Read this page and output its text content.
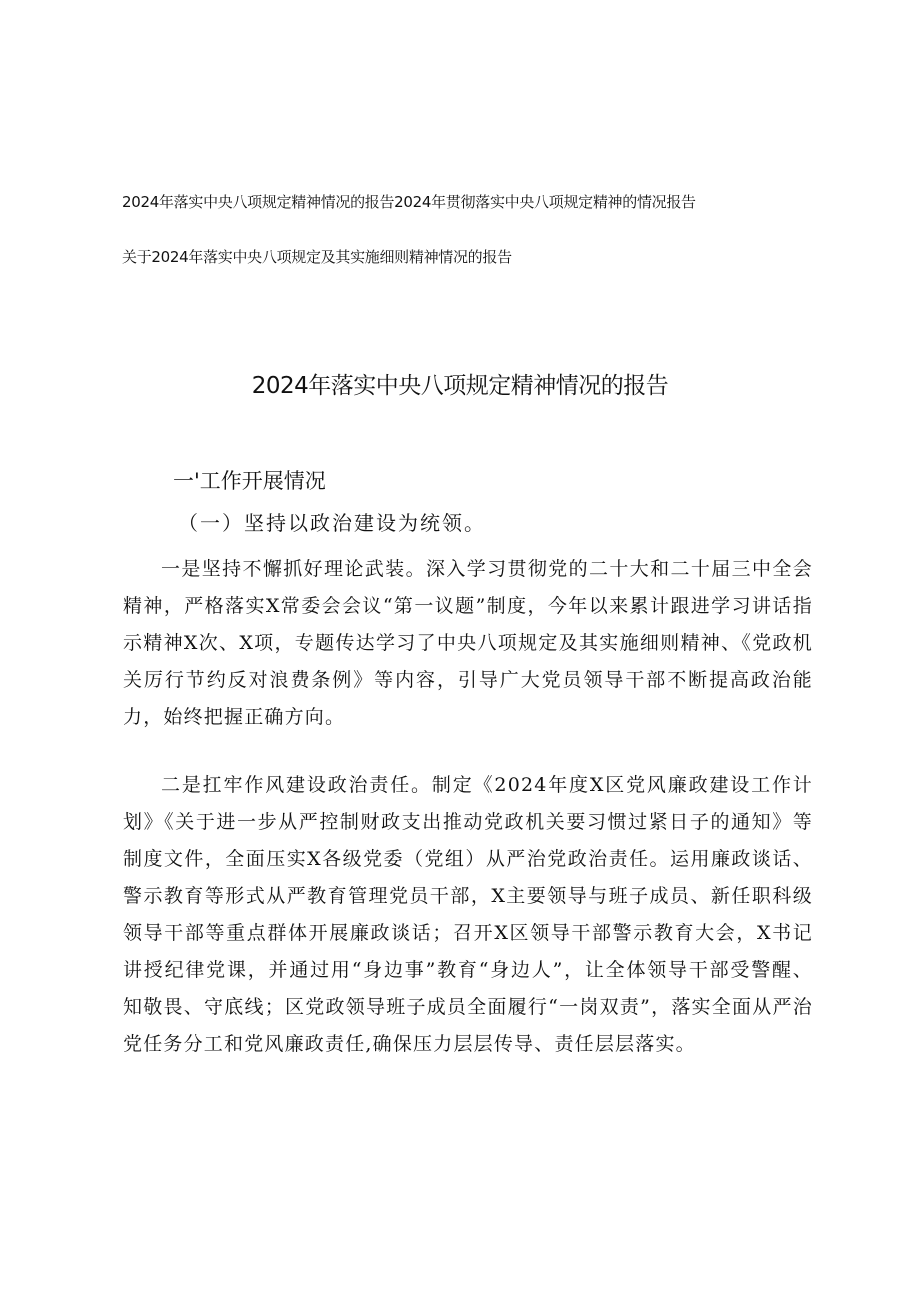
2024年落实中央八项规定精神情况的报告2024年贯彻落实中央八项规定精神的情况报告
关于2024年落实中央八项规定及其实施细则精神情况的报告
2024年落实中央八项规定精神情况的报告
一'工作开展情况
（一）坚持以政治建设为统领。

一是坚持不懈抓好理论武装。深入学习贯彻党的二十大和二十届三中全会精神，严格落实X常委会会议“第一议题”制度，今年以来累计跟进学习讲话指示精神X次、X项，专题传达学习了中央八项规定及其实施细则精神、《党政机关厉行节约反对浪费条例》等内容，引导广大党员领导干部不断提高政治能力，始终把握正确方向。

二是扛牢作风建设政治责任。制定《2024年度X区党风廉政建设工作计划》《关于进一步从严控制财政支出推动党政机关要习惯过紧日子的通知》等制度文件，全面压实X各级党委（党组）从严治党政治责任。运用廉政谈话、警示教育等形式从严教育管理党员干部，X主要领导与班子成员、新任职科级领导干部等重点群体开展廉政谈话；召开X区领导干部警示教育大会，X书记讲授纪律党课，并通过用“身边事”教育“身边人”，让全体领导干部受警醒、知敬畏、守底线；区党政领导班子成员全面履行“一岗双责”，落实全面从严治党任务分工和党风廉政责任,确保压力层层传导、责任层层落实。
